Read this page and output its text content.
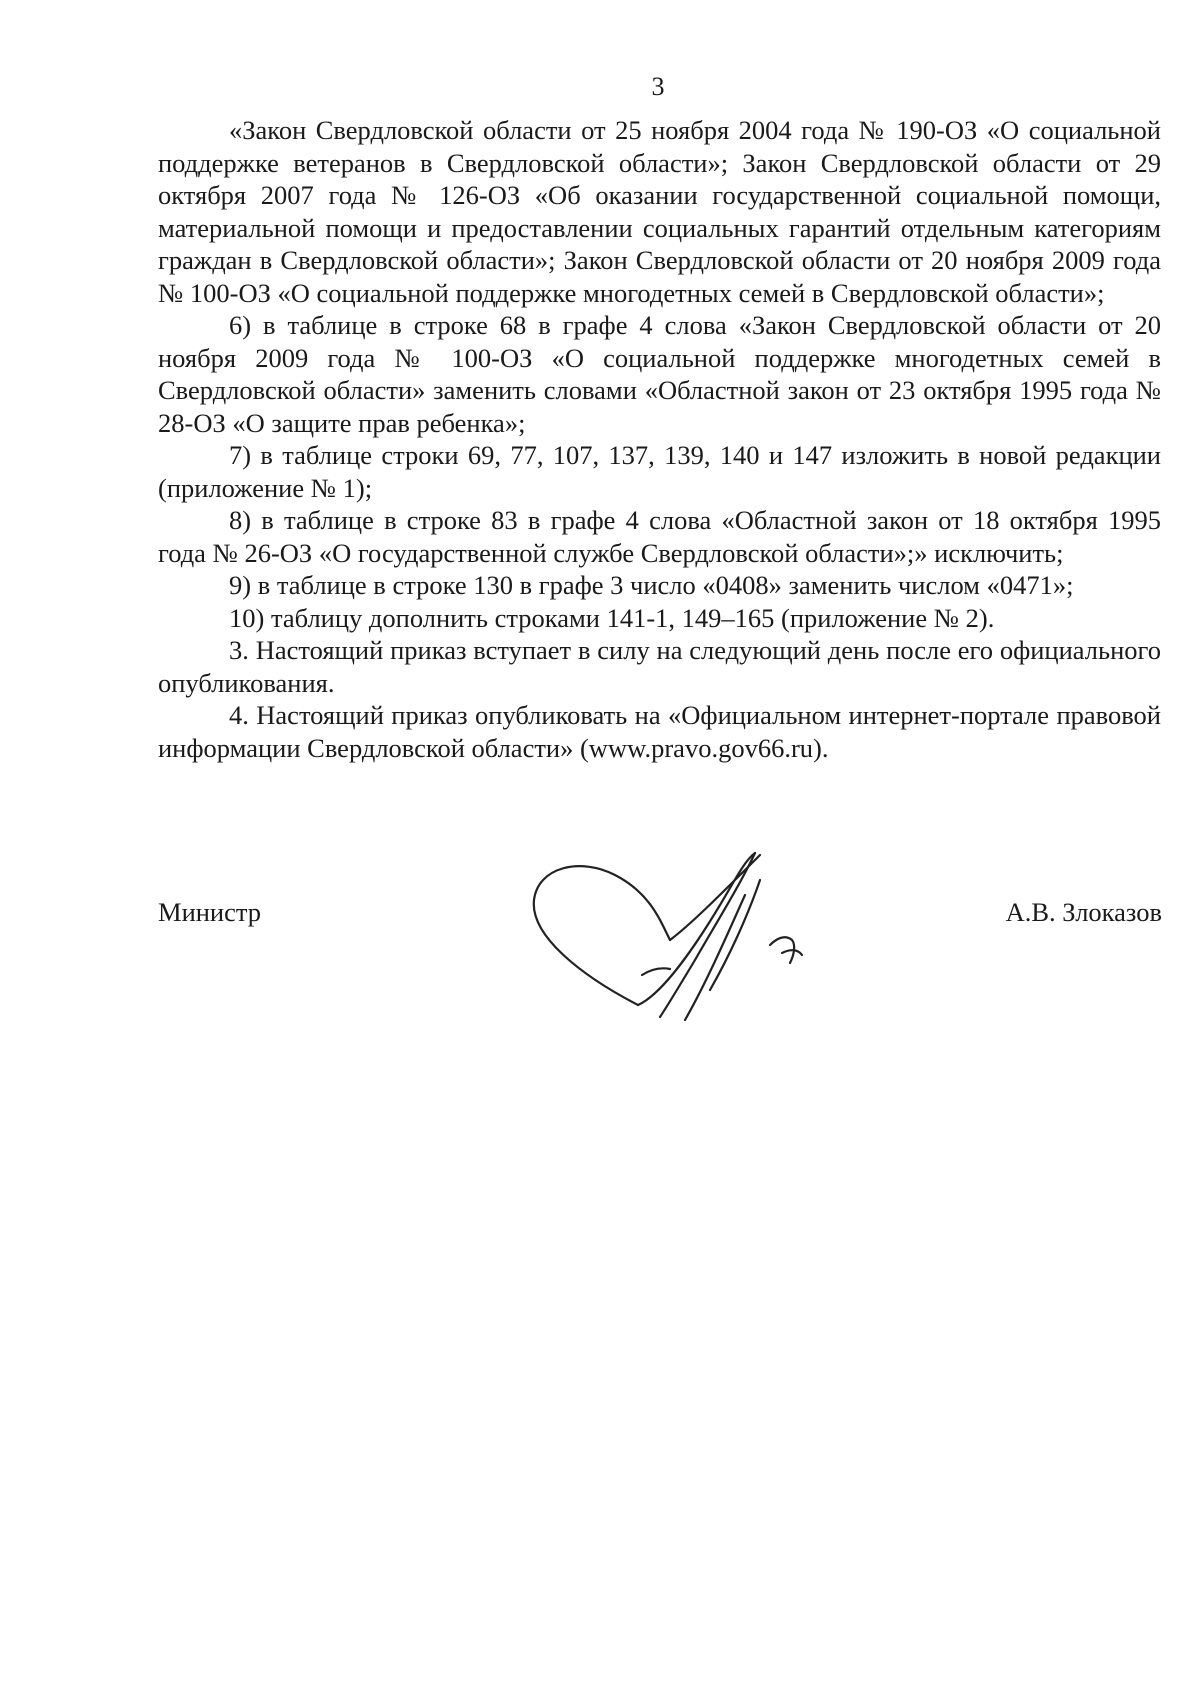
3

«Закон Свердловской области от 25 ноября 2004 года № 190-ОЗ «О социальной поддержке ветеранов в Свердловской области»; Закон Свердловской области от 29 октября 2007 года № 126-ОЗ «Об оказании государственной социальной помощи, материальной помощи и предоставлении социальных гарантий отдельным категориям граждан в Свердловской области»; Закон Свердловской области от 20 ноября 2009 года № 100-ОЗ «О социальной поддержке многодетных семей в Свердловской области»;

6) в таблице в строке 68 в графе 4 слова «Закон Свердловской области от 20 ноября 2009 года № 100-ОЗ «О социальной поддержке многодетных семей в Свердловской области» заменить словами «Областной закон от 23 октября 1995 года № 28-ОЗ «О защите прав ребенка»;

7) в таблице строки 69, 77, 107, 137, 139, 140 и 147 изложить в новой редакции (приложение № 1);

8) в таблице в строке 83 в графе 4 слова «Областной закон от 18 октября 1995 года № 26-ОЗ «О государственной службе Свердловской области»;» исключить;

9) в таблице в строке 130 в графе 3 число «0408» заменить числом «0471»;

10) таблицу дополнить строками 141-1, 149–165 (приложение № 2).

3. Настоящий приказ вступает в силу на следующий день после его официального опубликования.

4. Настоящий приказ опубликовать на «Официальном интернет-портале правовой информации Свердловской области» (www.pravo.gov66.ru).

Министр	А.В. Злоказов
